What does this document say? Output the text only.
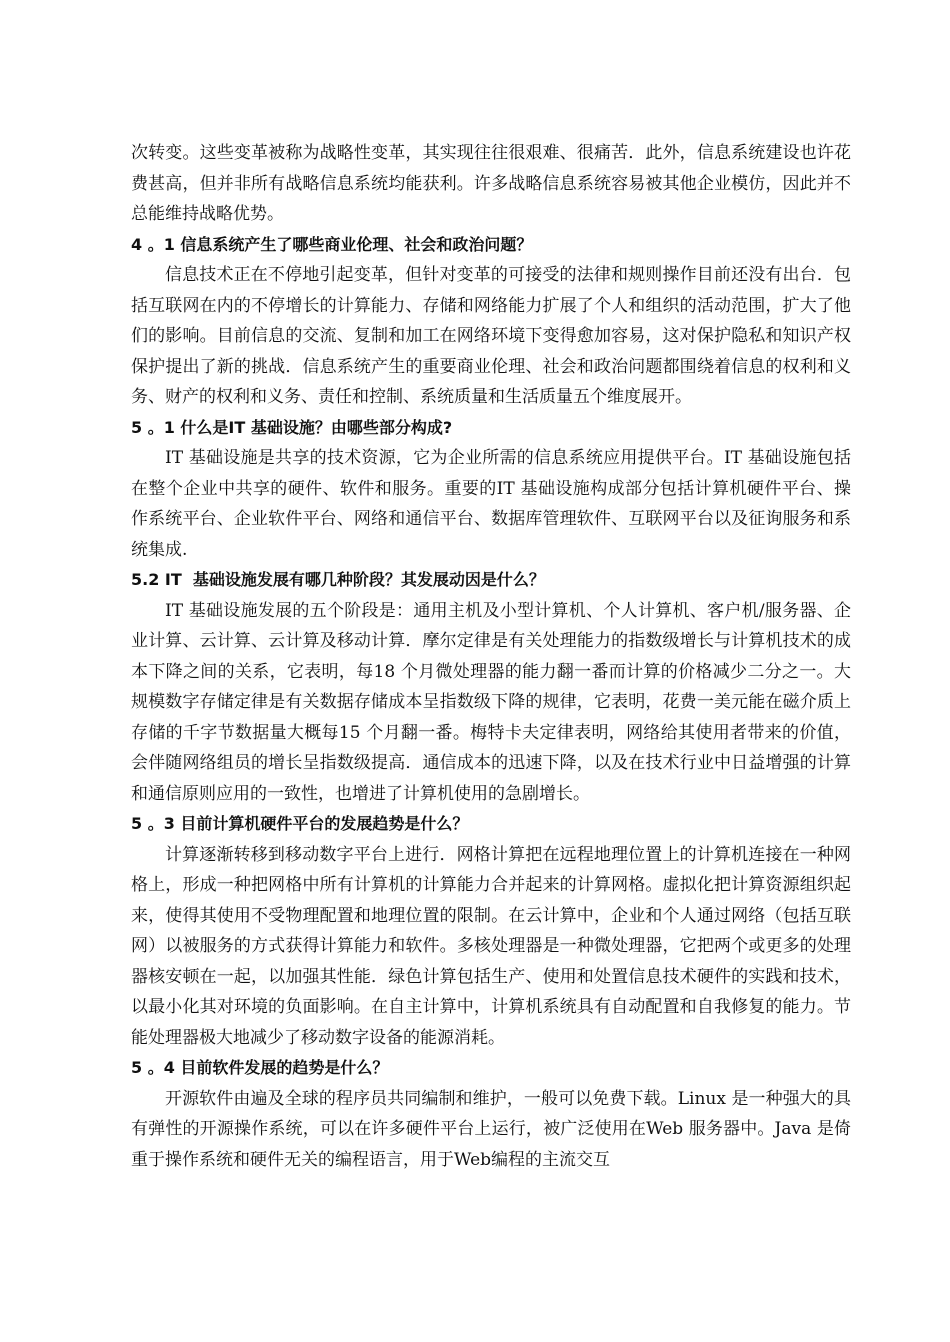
次转变。这些变革被称为战略性变革，其实现往往很艰难、很痛苦．此外，信息系统建设也许花费甚高，但并非所有战略信息系统均能获利。许多战略信息系统容易被其他企业模仿，因此并不总能维持战略优势。

4 。1 信息系统产生了哪些商业伦理、社会和政治问题？

信息技术正在不停地引起变革，但针对变革的可接受的法律和规则操作目前还没有出台．包括互联网在内的不停增长的计算能力、存储和网络能力扩展了个人和组织的活动范围，扩大了他们的影响。目前信息的交流、复制和加工在网络环境下变得愈加容易，这对保护隐私和知识产权保护提出了新的挑战．信息系统产生的重要商业伦理、社会和政治问题都围绕着信息的权利和义务、财产的权利和义务、责任和控制、系统质量和生活质量五个维度展开。

5 。1 什么是IT 基础设施？由哪些部分构成?

IT 基础设施是共享的技术资源，它为企业所需的信息系统应用提供平台。IT 基础设施包括在整个企业中共享的硬件、软件和服务。重要的IT 基础设施构成部分包括计算机硬件平台、操作系统平台、企业软件平台、网络和通信平台、数据库管理软件、互联网平台以及征询服务和系统集成.

5.2 IT  基础设施发展有哪几种阶段？其发展动因是什么？

IT 基础设施发展的五个阶段是：通用主机及小型计算机、个人计算机、客户机/服务器、企业计算、云计算、云计算及移动计算．摩尔定律是有关处理能力的指数级增长与计算机技术的成本下降之间的关系，它表明，每18 个月微处理器的能力翻一番而计算的价格减少二分之一。大规模数字存储定律是有关数据存储成本呈指数级下降的规律，它表明，花费一美元能在磁介质上存储的千字节数据量大概每15 个月翻一番。梅特卡夫定律表明，网络给其使用者带来的价值，会伴随网络组员的增长呈指数级提高．通信成本的迅速下降，以及在技术行业中日益增强的计算和通信原则应用的一致性，也增进了计算机使用的急剧增长。

5 。3 目前计算机硬件平台的发展趋势是什么？

计算逐渐转移到移动数字平台上进行．网格计算把在远程地理位置上的计算机连接在一种网格上，形成一种把网格中所有计算机的计算能力合并起来的计算网格。虚拟化把计算资源组织起来，使得其使用不受物理配置和地理位置的限制。在云计算中，企业和个人通过网络（包括互联网）以被服务的方式获得计算能力和软件。多核处理器是一种微处理器，它把两个或更多的处理器核安顿在一起，以加强其性能．绿色计算包括生产、使用和处置信息技术硬件的实践和技术，以最小化其对环境的负面影响。在自主计算中，计算机系统具有自动配置和自我修复的能力。节能处理器极大地减少了移动数字设备的能源消耗。

5 。4 目前软件发展的趋势是什么？

开源软件由遍及全球的程序员共同编制和维护，一般可以免费下载。Linux 是一种强大的具有弹性的开源操作系统，可以在许多硬件平台上运行，被广泛使用在Web 服务器中。Java 是倚重于操作系统和硬件无关的编程语言，用于Web编程的主流交互
